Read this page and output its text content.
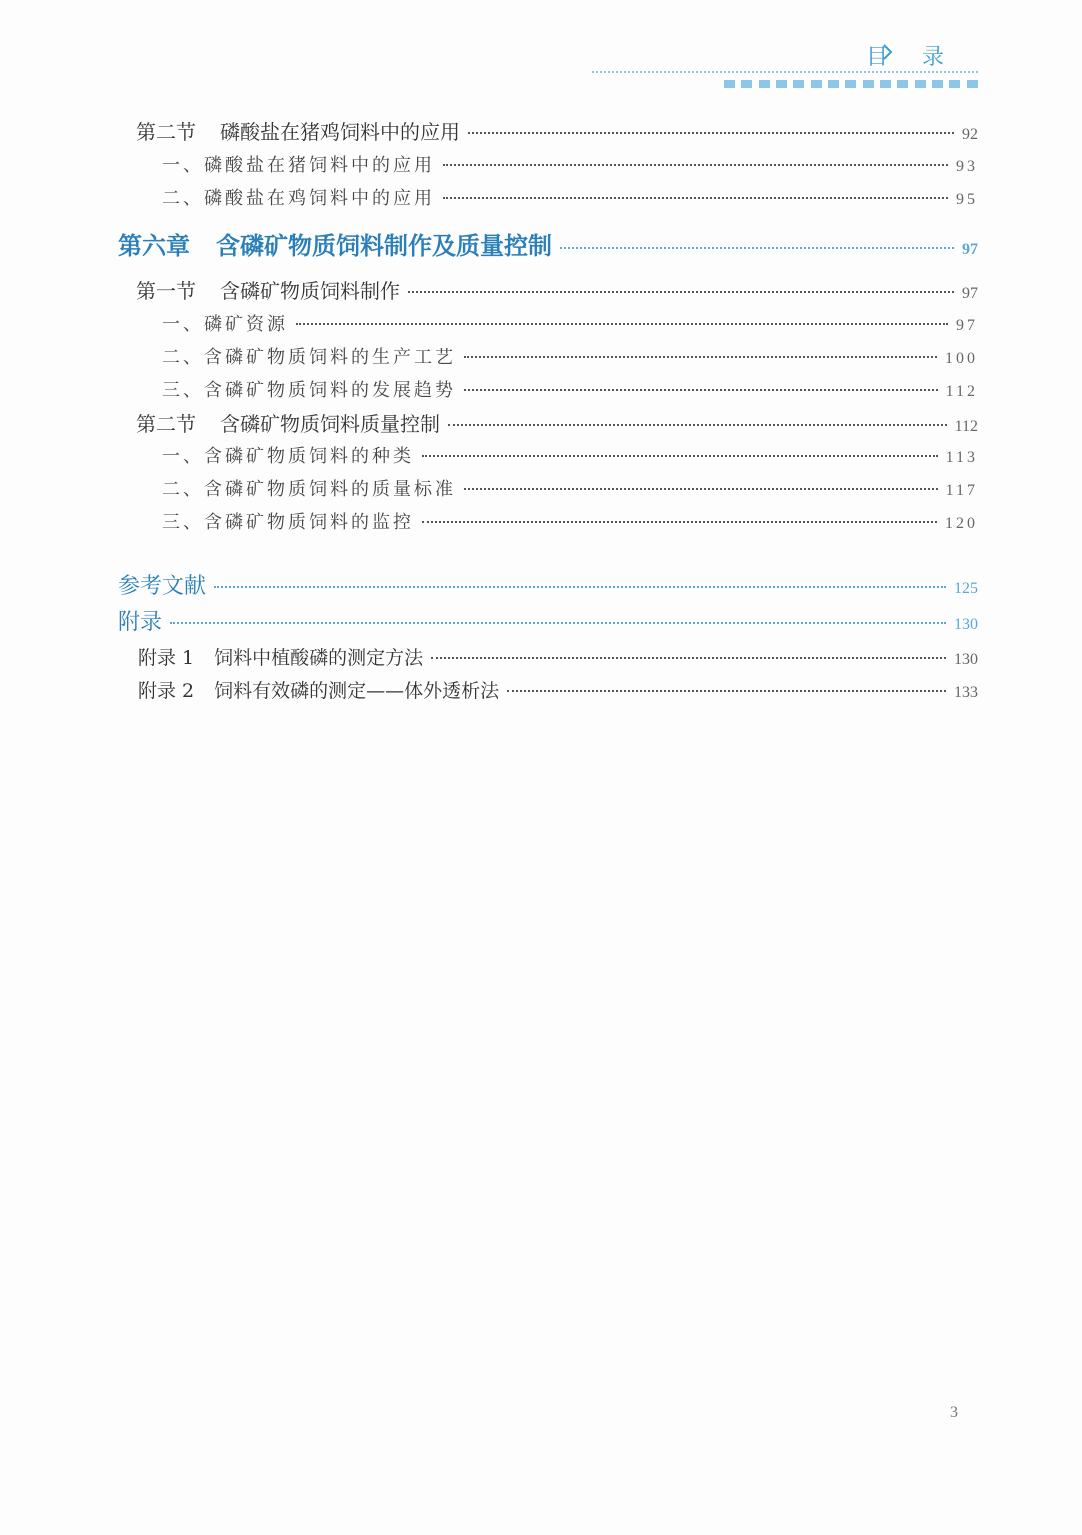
目录
第二节 磷酸盐在猪鸡饲料中的应用	92
一、磷酸盐在猪饲料中的应用	93
二、磷酸盐在鸡饲料中的应用	95
第六章 含磷矿物质饲料制作及质量控制	97
第一节 含磷矿物质饲料制作	97
一、磷矿资源	97
二、含磷矿物质饲料的生产工艺	100
三、含磷矿物质饲料的发展趋势	112
第二节 含磷矿物质饲料质量控制	112
一、含磷矿物质饲料的种类	113
二、含磷矿物质饲料的质量标准	117
三、含磷矿物质饲料的监控	120
参考文献	125
附录	130
附录 1 饲料中植酸磷的测定方法	130
附录 2 饲料有效磷的测定——体外透析法	133
3
